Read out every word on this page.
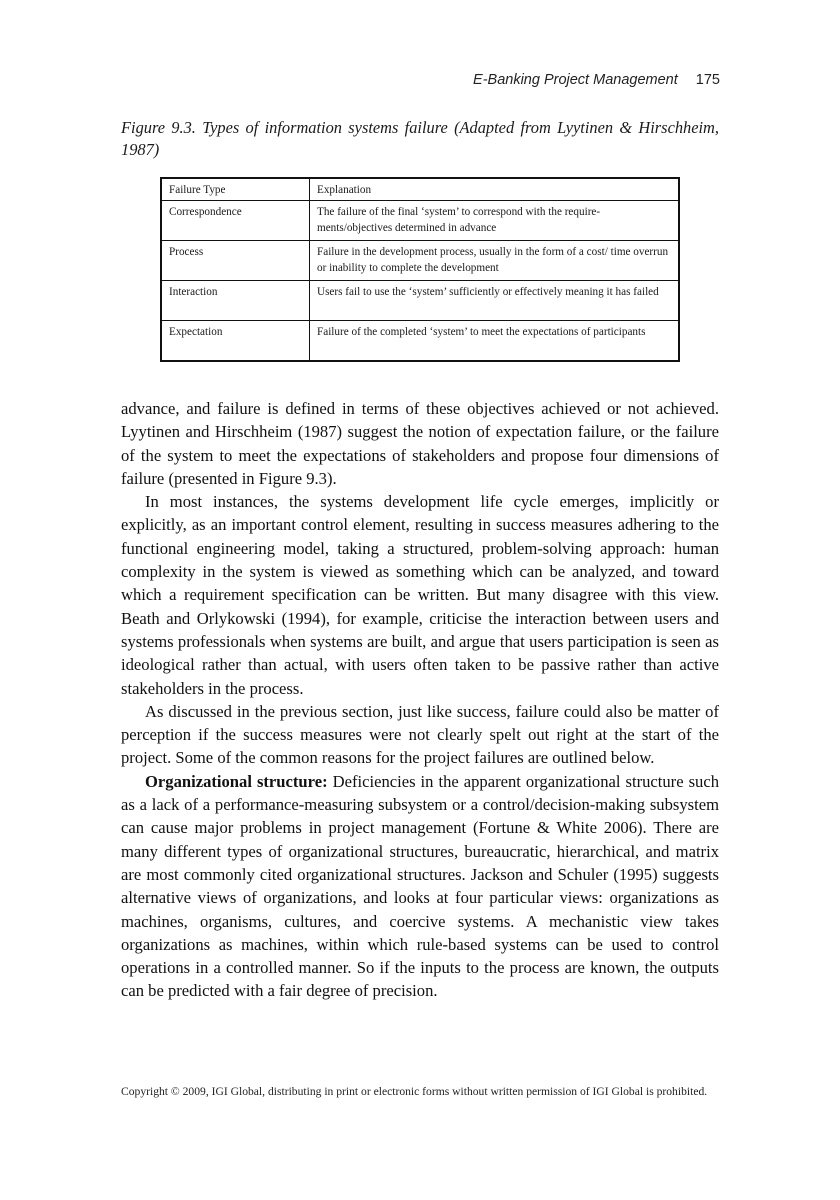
E-Banking Project Management 175
Figure 9.3. Types of information systems failure (Adapted from Lyytinen & Hirschheim, 1987)
Failure Type	Explanation
Correspondence	The failure of the final ‘system’ to correspond with the require-ments/objectives determined in advance
Process	Failure in the development process, usually in the form of a cost/ time overrun or inability to complete the development
Interaction	Users fail to use the ‘system’ sufficiently or effectively meaning it has failed
Expectation	Failure of the completed ‘system’ to meet the expectations of participants

advance, and failure is defined in terms of these objectives achieved or not achieved. Lyytinen and Hirschheim (1987) suggest the notion of expectation failure, or the failure of the system to meet the expectations of stakeholders and propose four dimensions of failure (presented in Figure 9.3).

In most instances, the systems development life cycle emerges, implicitly or explicitly, as an important control element, resulting in success measures adhering to the functional engineering model, taking a structured, problem-solving approach: human complexity in the system is viewed as something which can be analyzed, and toward which a requirement specification can be written. But many disagree with this view. Beath and Orlykowski (1994), for example, criticise the interaction between users and systems professionals when systems are built, and argue that users participation is seen as ideological rather than actual, with users often taken to be passive rather than active stakeholders in the process.

As discussed in the previous section, just like success, failure could also be matter of perception if the success measures were not clearly spelt out right at the start of the project. Some of the common reasons for the project failures are outlined below.

Organizational structure: Deficiencies in the apparent organizational structure such as a lack of a performance-measuring subsystem or a control/decision-making subsystem can cause major problems in project management (Fortune & White 2006). There are many different types of organizational structures, bureaucratic, hierarchical, and matrix are most commonly cited organizational structures. Jackson and Schuler (1995) suggests alternative views of organizations, and looks at four particular views: organizations as machines, organisms, cultures, and coercive systems. A mechanistic view takes organizations as machines, within which rule-based systems can be used to control operations in a controlled manner. So if the inputs to the process are known, the outputs can be predicted with a fair degree of precision.

Copyright © 2009, IGI Global, distributing in print or electronic forms without written permission of IGI Global is prohibited.
